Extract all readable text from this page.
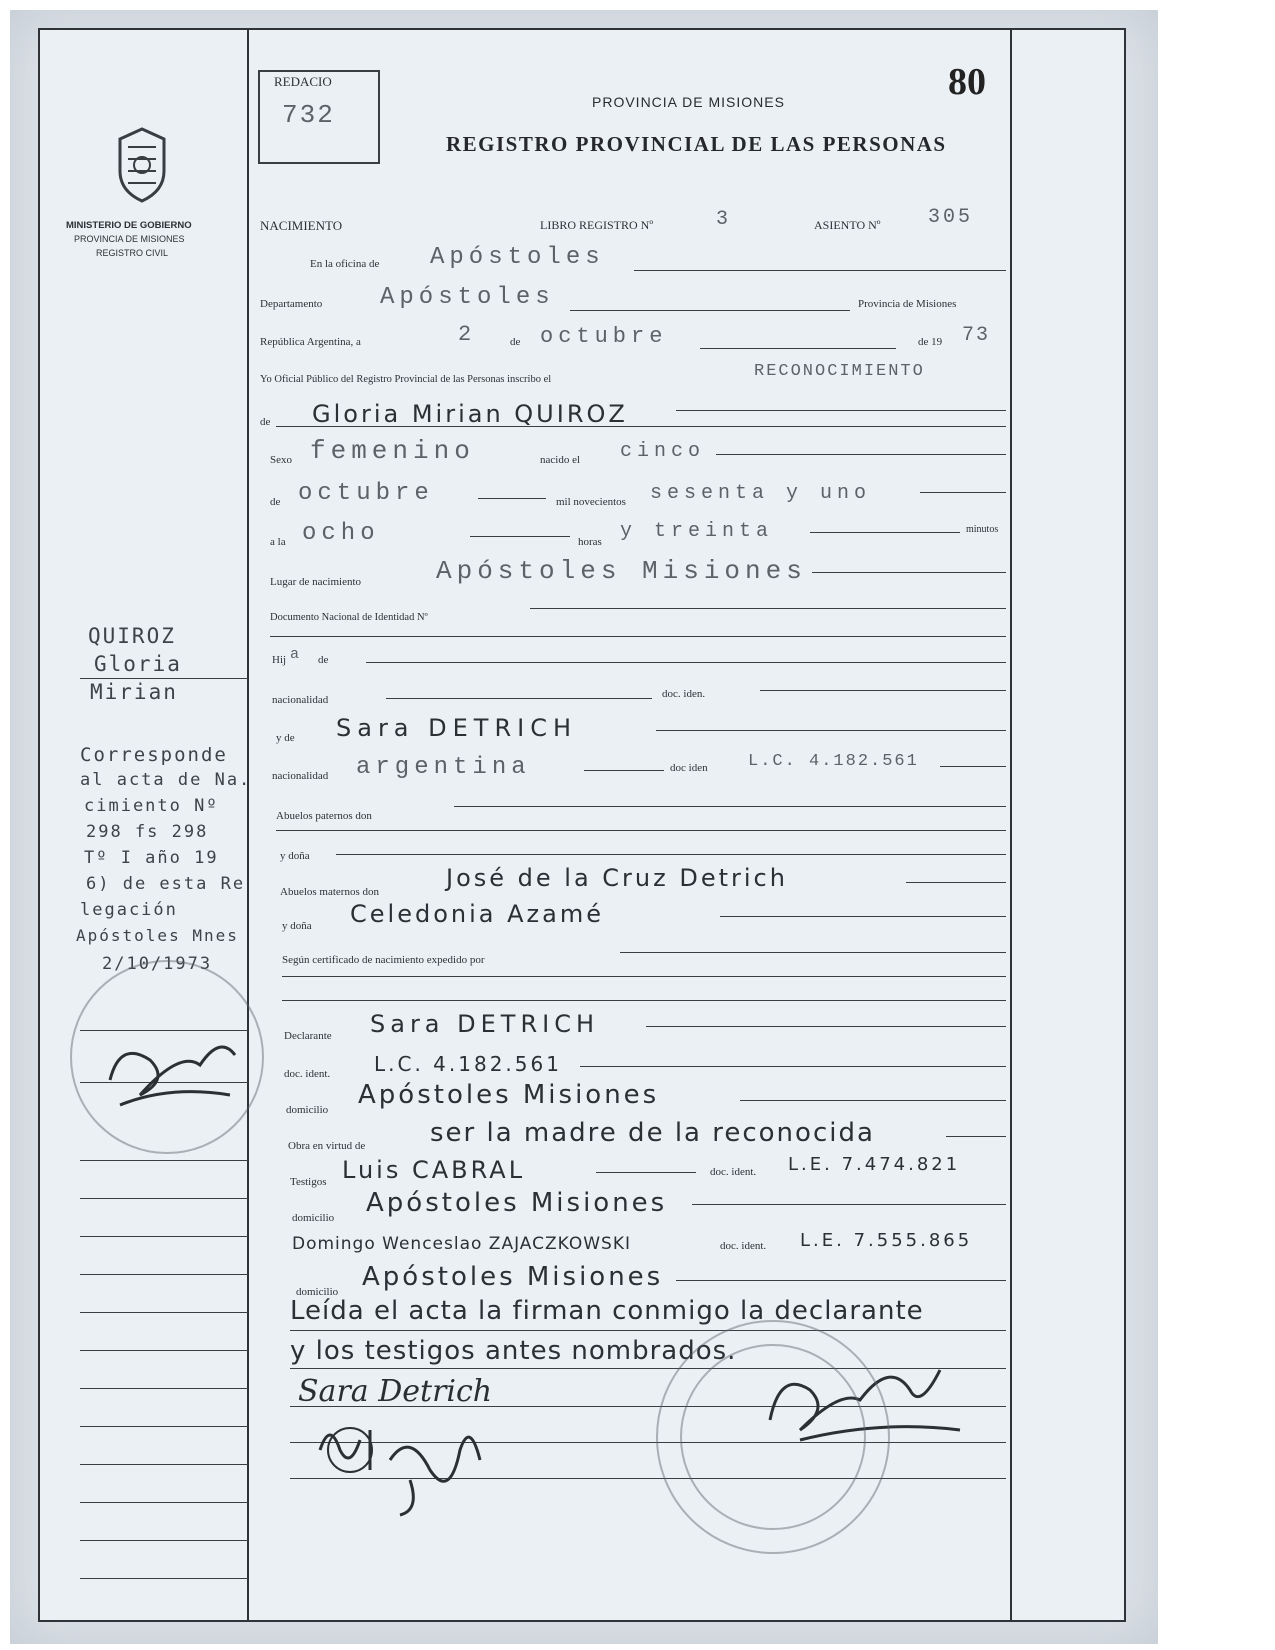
MINISTERIO DE GOBIERNO
PROVINCIA DE MISIONES
REGISTRO CIVIL
REDACIO
732
80
PROVINCIA DE MISIONES
REGISTRO PROVINCIAL DE LAS PERSONAS
NACIMIENTO	LIBRO REGISTRO Nº	3	ASIENTO Nº 305
En la oficina de Apóstoles
Departamento Apóstoles	Provincia de Misiones
República Argentina, a	2	de octubre	de 19 73
Yo Oficial Público del Registro Provincial de las Personas inscribo el	RECONOCIMIENTO
de Gloria Mirian QUIROZ
Sexo femenino	nacido el cinco
de octubre	mil novecientos sesenta y uno
a la ocho	horas y treinta	minutos
Lugar de nacimiento	Apóstoles Misiones
Documento Nacional de Identidad Nº
Hij a de
nacionalidad	doc. iden.
y de Sara DETRICH
nacionalidad argentina	doc iden L.C. 4.182.561
Abuelos paternos don
y doña
Abuelos maternos don	José de la Cruz Detrich
y doña Celedonia Azamé
Según certificado de nacimiento expedido por
Declarante Sara DETRICH
doc. ident. L.C. 4.182.561
domicilio Apóstoles Misiones
Obra en virtud de ser la madre de la reconocida
Testigos Luis CABRAL	doc. ident. L.E. 7.474.821
domicilio Apóstoles Misiones
Domingo Wenceslao ZAJACZKOWSKI	doc. ident. L.E. 7.555.865
domicilio Apóstoles Misiones
Leída el acta la firman conmigo la declarante
y los testigos antes nombrados.
Sara Detrich
QUIROZ
Gloria
Mirian
Corresponde
al acta de Na.
cimiento Nº
298 fs 298
Tº I año 19
6) de esta Re
legación
Apóstoles Mnes
2/10/1973
